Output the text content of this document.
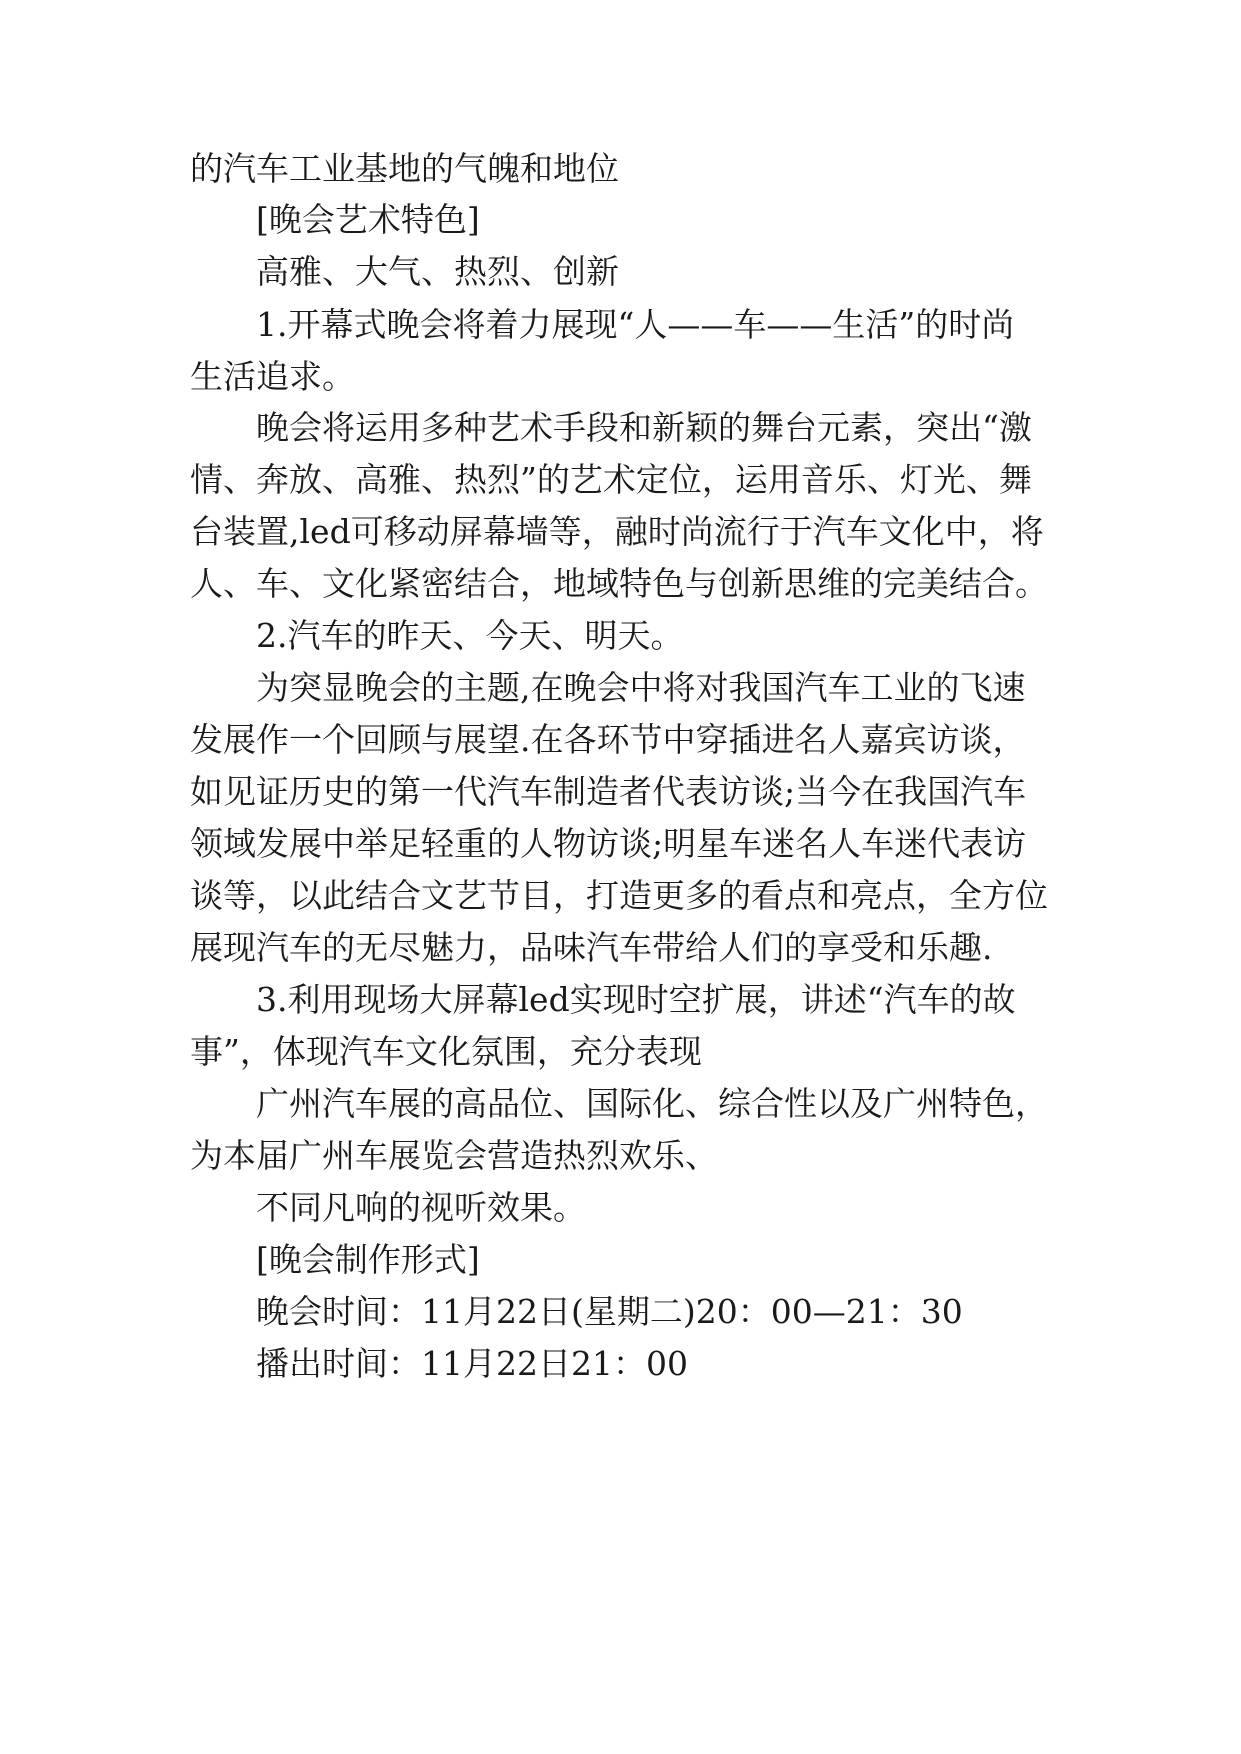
的汽车工业基地的气魄和地位
[晚会艺术特色]
高雅、大气、热烈、创新
1.开幕式晚会将着力展现“人——车——生活”的时尚
生活追求。
晚会将运用多种艺术手段和新颖的舞台元素，突出“激
情、奔放、高雅、热烈”的艺术定位，运用音乐、灯光、舞
台装置,led可移动屏幕墙等，融时尚流行于汽车文化中，将
人、车、文化紧密结合，地域特色与创新思维的完美结合。
2.汽车的昨天、今天、明天。
为突显晚会的主题,在晚会中将对我国汽车工业的飞速
发展作一个回顾与展望.在各环节中穿插进名人嘉宾访谈，
如见证历史的第一代汽车制造者代表访谈;当今在我国汽车
领域发展中举足轻重的人物访谈;明星车迷名人车迷代表访
谈等，以此结合文艺节目，打造更多的看点和亮点，全方位
展现汽车的无尽魅力，品味汽车带给人们的享受和乐趣.
3.利用现场大屏幕led实现时空扩展，讲述“汽车的故
事”，体现汽车文化氛围，充分表现
广州汽车展的高品位、国际化、综合性以及广州特色，
为本届广州车展览会营造热烈欢乐、
不同凡响的视听效果。
[晚会制作形式]
晚会时间：11月22日(星期二)20：00—21：30
播出时间：11月22日21：00
